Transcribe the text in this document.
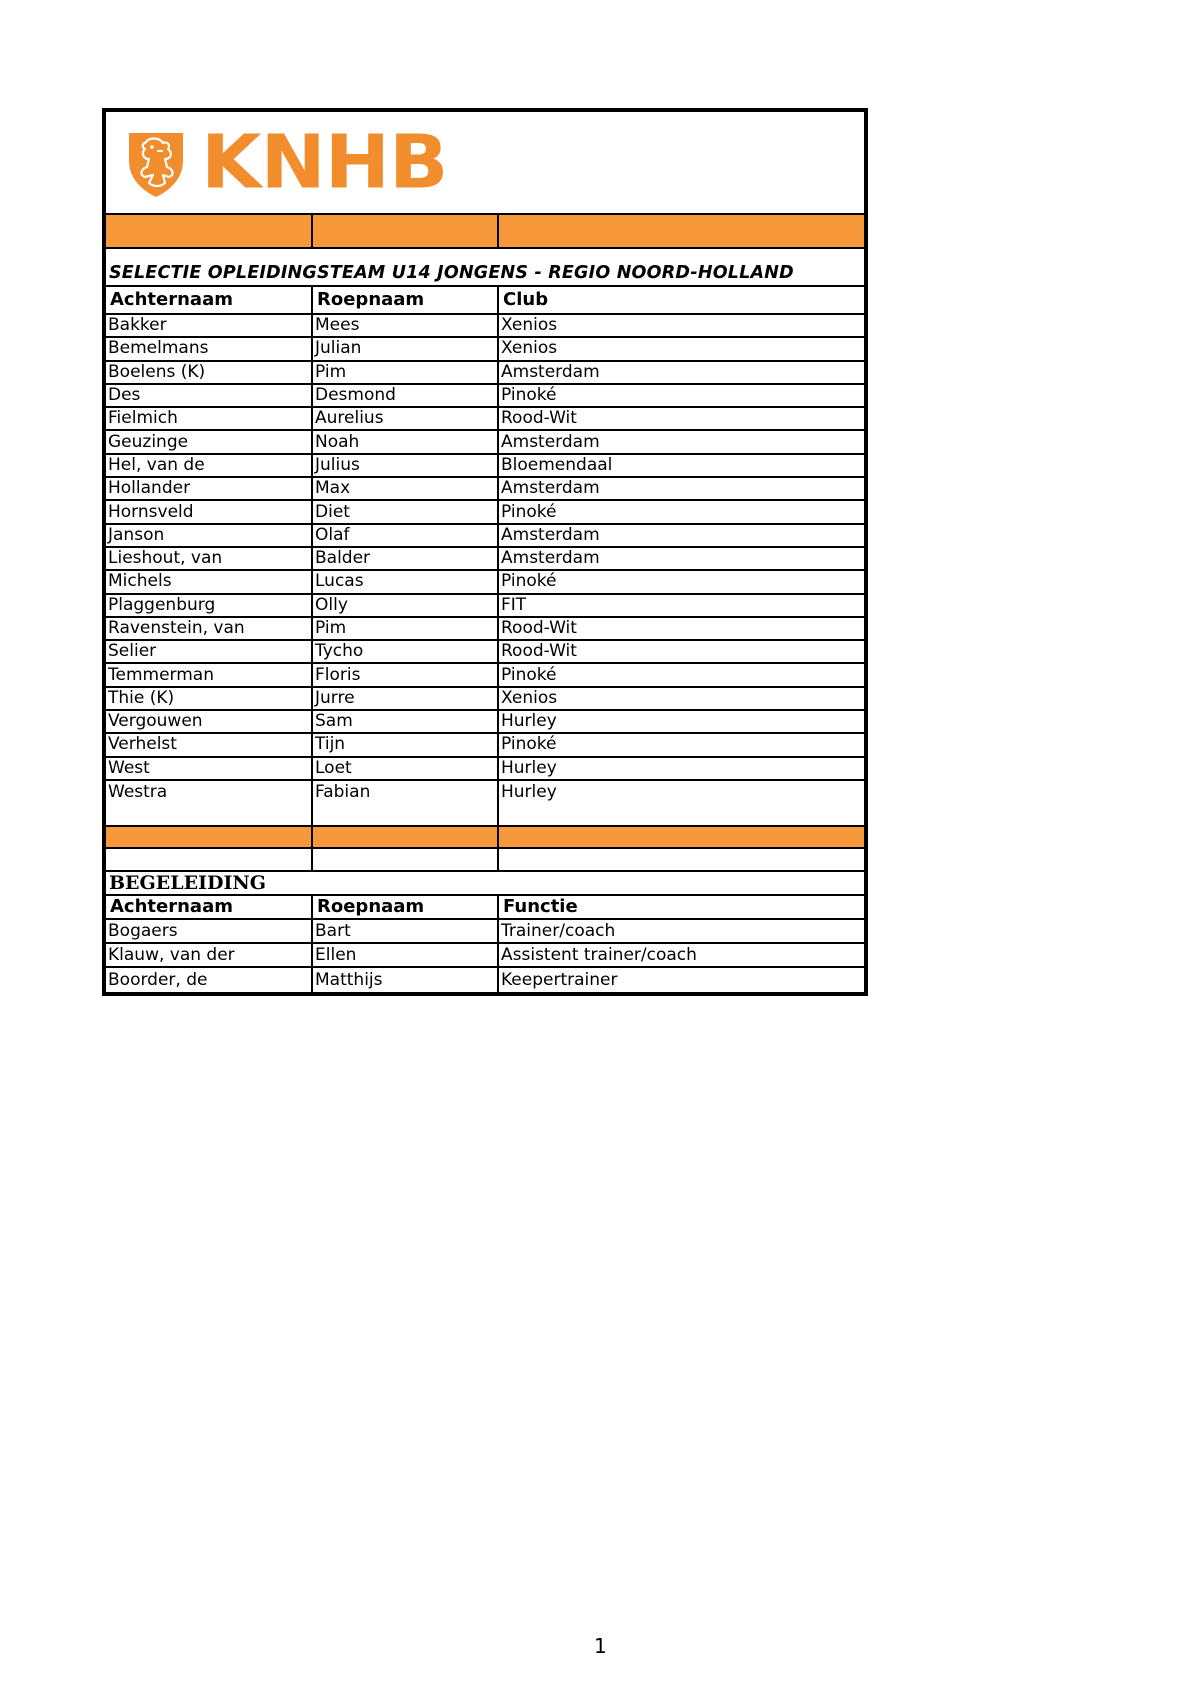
KNHB
SELECTIE OPLEIDINGSTEAM U14 JONGENS - REGIO NOORD-HOLLAND
Achternaam	Roepnaam	Club
Bakker	Mees	Xenios
Bemelmans	Julian	Xenios
Boelens (K)	Pim	Amsterdam
Des	Desmond	Pinoké
Fielmich	Aurelius	Rood-Wit
Geuzinge	Noah	Amsterdam
Hel, van de	Julius	Bloemendaal
Hollander	Max	Amsterdam
Hornsveld	Diet	Pinoké
Janson	Olaf	Amsterdam
Lieshout, van	Balder	Amsterdam
Michels	Lucas	Pinoké
Plaggenburg	Olly	FIT
Ravenstein, van	Pim	Rood-Wit
Selier	Tycho	Rood-Wit
Temmerman	Floris	Pinoké
Thie (K)	Jurre	Xenios
Vergouwen	Sam	Hurley
Verhelst	Tijn	Pinoké
West	Loet	Hurley
Westra	Fabian	Hurley
BEGELEIDING
Achternaam	Roepnaam	Functie
Bogaers	Bart	Trainer/coach
Klauw, van der	Ellen	Assistent trainer/coach
Boorder, de	Matthijs	Keepertrainer
1
